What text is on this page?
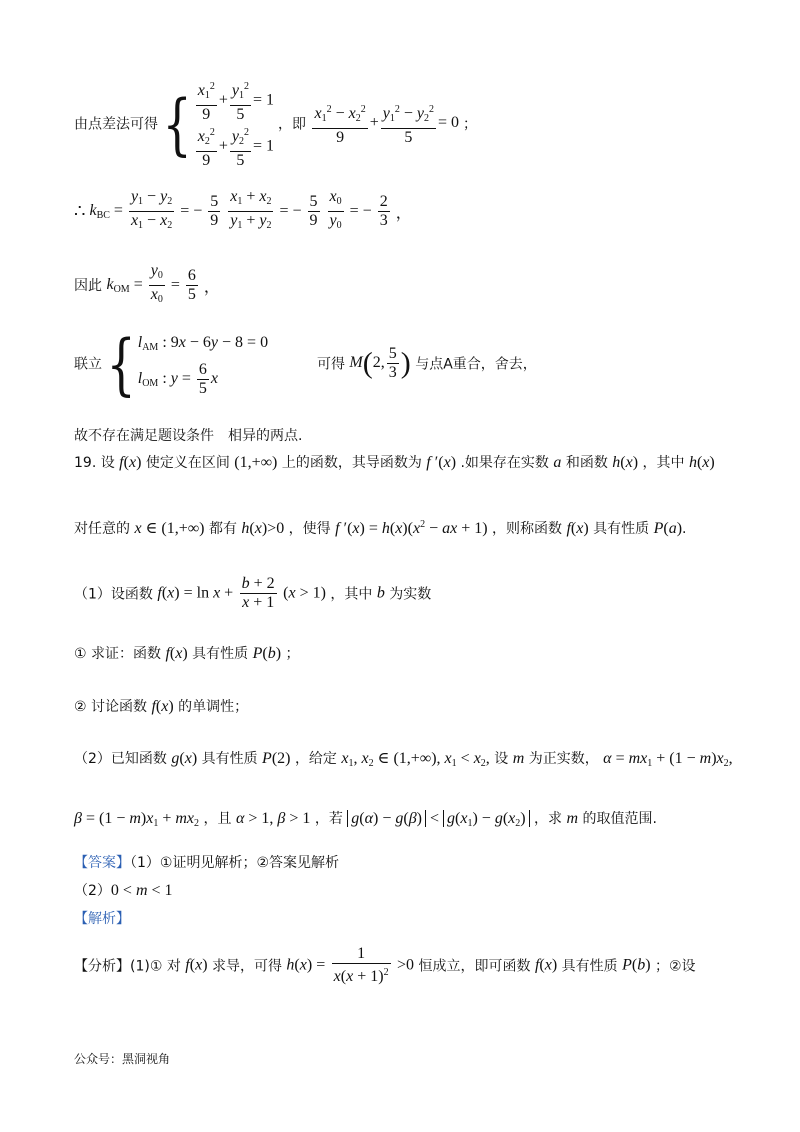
由点差法可得 { $\frac{x_1^2}{9} + \frac{y_1^2}{5} = 1$
$\frac{x_2^2}{9} + \frac{y_2^2}{5} = 1$
，即 $\frac{x_1^2 - x_2^2}{9} + \frac{y_1^2 - y_2^2}{5} = 0$ ；
∴ $k_{BC} = \frac{y_1 - y_2}{x_1 - x_2}$ = − $\frac{5}{9}$
$\frac{x_1 + x_2}{y_1 + y_2}$ = − $\frac{5}{9}$
$\frac{x_0}{y_0}$ = − $\frac{2}{3}$ ，
因此 $k_{OM} = \frac{y_0}{x_0} = \frac{6}{5}$ ，
联立 { $l_{AM}$ : 9x − 6y − 8 = 0
$l_{OM}$ : $y = \frac{6}{5}$ x
可得 M(2, $\frac{5}{3}$ ) 与点A重合，舍去，
故不存在满足题设条件　相异的两点.
19. 设 f(x) 使定义在区间 (1,+∞) 上的函数，其导函数为 f ′(x) .如果存在实数 a 和函数 h(x) ，其中 h(x)
对任意的 x ∈ (1,+∞) 都有 h(x)>0 ，使得 f $'(x) = h(x)(x^2$ − ax + 1) ，则称函数 f(x) 具有性质 P(a).
（1）设函数 $f(x) = \ln x + \frac{b + 2}{x + 1} (x > 1)$ ，其中 b 为实数
① 求证：函数 f(x) 具有性质 P(b) ；
② 讨论函数 f(x) 的单调性；
（2）已知函数 g(x) 具有性质 P(2) ，给定 $x_1$, $x_2$ ∈ (1,+∞), $x_1 < x_2$, 设 m 为正实数， $\alpha = mx_1 + (1 - m)x_2$,
$\beta = (1 - m)x_1 + mx_2$ ，且 α > 1, β > 1 ，若 $g(\alpha) - g(\beta) < g(x_1) - g(x_2)$ ，求 m 的取值范围.
【答案】（1）①证明见解析；②答案见解析
（2）0 < m < 1
【解析】
【分析】(1)① 对 f(x) 求导，可得 $h(x) = \frac{1}{x(x + 1)^2} >0$ 恒成立，即可函数 f(x) 具有性质 P(b) ；②设
公众号：黑洞视角
